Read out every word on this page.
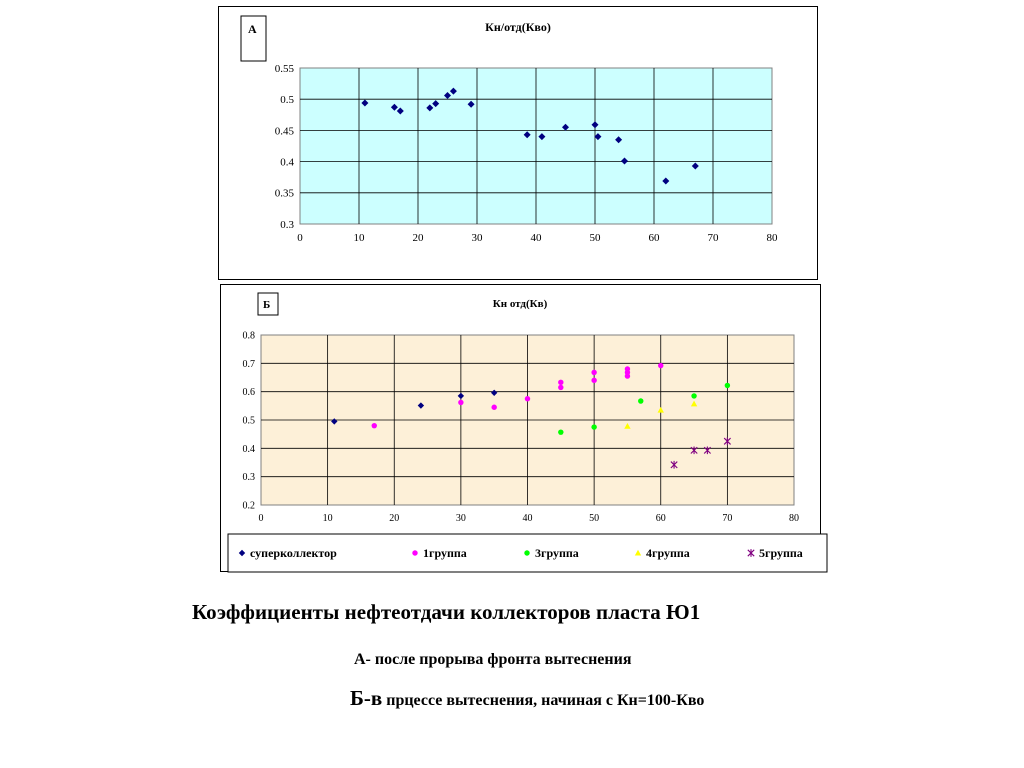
0	10	20	30	40	50	60	70	80
0.3
0.35
0.4
0.45
0.5
0.55
А	Кн/отд(Кво)
0	10	20	30	40	50	60	70	80
0.2
0.3
0.4
0.5
0.6
0.7
0.8
Б	Кн отд(Кв)
суперколлектор	1группа	3группа	4группа	5группа
Коэффициенты нефтеотдачи коллекторов пласта Ю1
А- после прорыва фронта вытеснения
Б-в прцессе вытеснения, начиная с Кн=100-Кво
